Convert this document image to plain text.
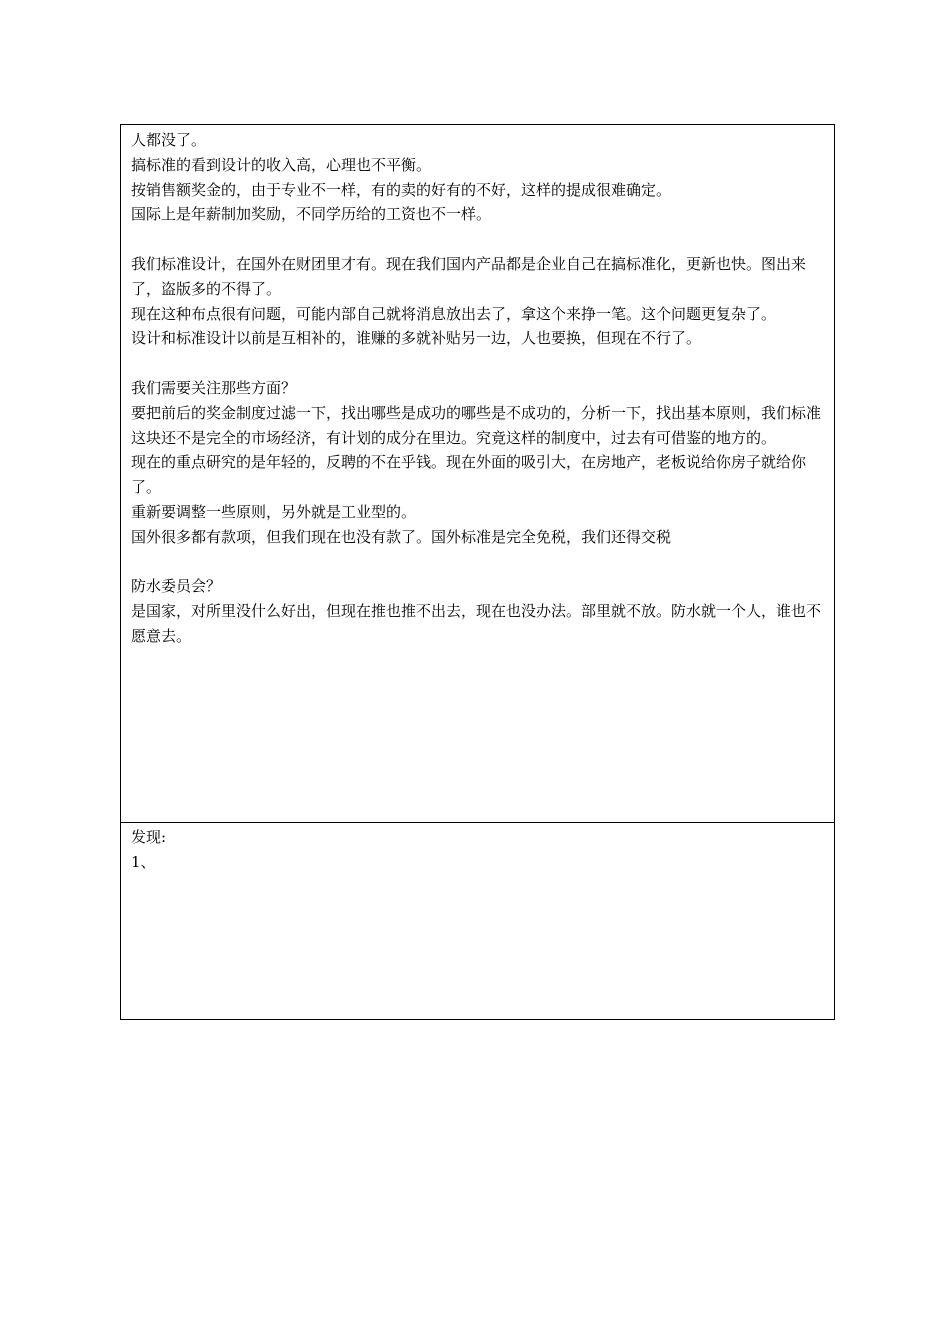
人都没了。
搞标准的看到设计的收入高，心理也不平衡。
按销售额奖金的，由于专业不一样，有的卖的好有的不好，这样的提成很难确定。
国际上是年薪制加奖励，不同学历给的工资也不一样。
我们标准设计，在国外在财团里才有。现在我们国内产品都是企业自己在搞标准化，更新也快。图出来了，盗版多的不得了。
现在这种布点很有问题，可能内部自己就将消息放出去了，拿这个来挣一笔。这个问题更复杂了。
设计和标准设计以前是互相补的，谁赚的多就补贴另一边，人也要换，但现在不行了。
我们需要关注那些方面？
要把前后的奖金制度过滤一下，找出哪些是成功的哪些是不成功的，分析一下，找出基本原则，我们标准这块还不是完全的市场经济，有计划的成分在里边。究竟这样的制度中，过去有可借鉴的地方的。
现在的重点研究的是年轻的，反聘的不在乎钱。现在外面的吸引大，在房地产，老板说给你房子就给你了。
重新要调整一些原则，另外就是工业型的。
国外很多都有款项，但我们现在也没有款了。国外标准是完全免税，我们还得交税
防水委员会？
是国家，对所里没什么好出，但现在推也推不出去，现在也没办法。部里就不放。防水就一个人，谁也不愿意去。
发现:
1、
